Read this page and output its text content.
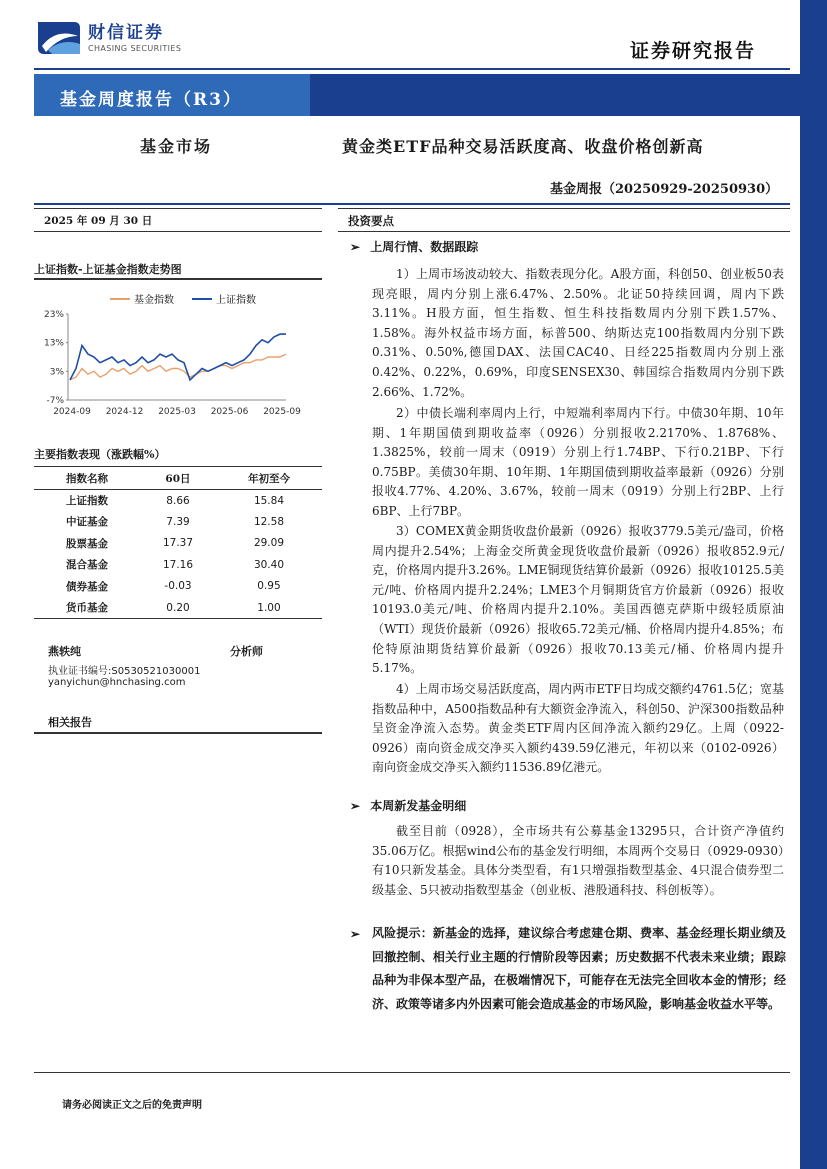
财信证券
CHASING SECURITIES	证券研究报告
基金周度报告（R3）
基金市场	黄金类ETF品种交易活跃度高、收盘价格创新高
基金周报（20250929-20250930）
2025 年 09 月 30 日
上证指数-上证基金指数走势图
23%
13%
3%
-7%
2024-09 2024-12 2025-03 2025-06 2025-09
基金指数	上证指数
主要指数表现（涨跌幅%）
指数名称	60日	年初至今
上证指数	8.66	15.84
中证基金	7.39	12.58
股票基金	17.37	29.09
混合基金	17.16	30.40
债券基金	-0.03	0.95
货币基金	0.20	1.00
燕轶纯	分析师
执业证书编号:S0530521030001
yanyichun@hnchasing.com
相关报告
投资要点
➢ 上周行情、数据跟踪
1）上周市场波动较大、指数表现分化。A股方面，科创50、创业板50表现亮眼，周内分别上涨6.47%、2.50%。北证50持续回调，周内下跌3.11%。H股方面，恒生指数、恒生科技指数周内分别下跌1.57%、1.58%。海外权益市场方面，标普500、纳斯达克100指数周内分别下跌0.31%、0.50%,德国DAX、法国CAC40、日经225指数周内分别上涨0.42%、0.22%，0.69%，印度SENSEX30、韩国综合指数周内分别下跌2.66%、1.72%。
2）中债长端利率周内上行，中短端利率周内下行。中债30年期、10年期、1年期国债到期收益率（0926）分别报收2.2170%、1.8768%、1.3825%，较前一周末（0919）分别上行1.74BP、下行0.21BP、下行0.75BP。美债30年期、10年期、1年期国债到期收益率最新（0926）分别报收4.77%、4.20%、3.67%，较前一周末（0919）分别上行2BP、上行6BP、上行7BP。
3）COMEX黄金期货收盘价最新（0926）报收3779.5美元/盎司，价格周内提升2.54%；上海金交所黄金现货收盘价最新（0926）报收852.9元/克，价格周内提升3.26%。LME铜现货结算价最新（0926）报收10125.5美元/吨、价格周内提升2.24%；LME3个月铜期货官方价最新（0926）报收10193.0美元/吨、价格周内提升2.10%。美国西德克萨斯中级轻质原油（WTI）现货价最新（0926）报收65.72美元/桶、价格周内提升4.85%；布伦特原油期货结算价最新（0926）报收70.13美元/桶、价格周内提升5.17%。
4）上周市场交易活跃度高，周内两市ETF日均成交额约4761.5亿；宽基指数品种中，A500指数品种有大额资金净流入，科创50、沪深300指数品种呈资金净流入态势。黄金类ETF周内区间净流入额约29亿。上周（0922-0926）南向资金成交净买入额约439.59亿港元，年初以来（0102-0926）南向资金成交净买入额约11536.89亿港元。
➢ 本周新发基金明细
截至目前（0928），全市场共有公募基金13295只，合计资产净值约35.06万亿。根据wind公布的基金发行明细，本周两个交易日（0929-0930）有10只新发基金。具体分类型看，有1只增强指数型基金、4只混合债券型二级基金、5只被动指数型基金（创业板、港股通科技、科创板等）。
➢ 风险提示：新基金的选择，建议综合考虑建仓期、费率、基金经理长期业绩及回撤控制、相关行业主题的行情阶段等因素；历史数据不代表未来业绩；跟踪品种为非保本型产品，在极端情况下，可能存在无法完全回收本金的情形；经济、政策等诸多内外因素可能会造成基金的市场风险，影响基金收益水平等。
请务必阅读正文之后的免责声明
